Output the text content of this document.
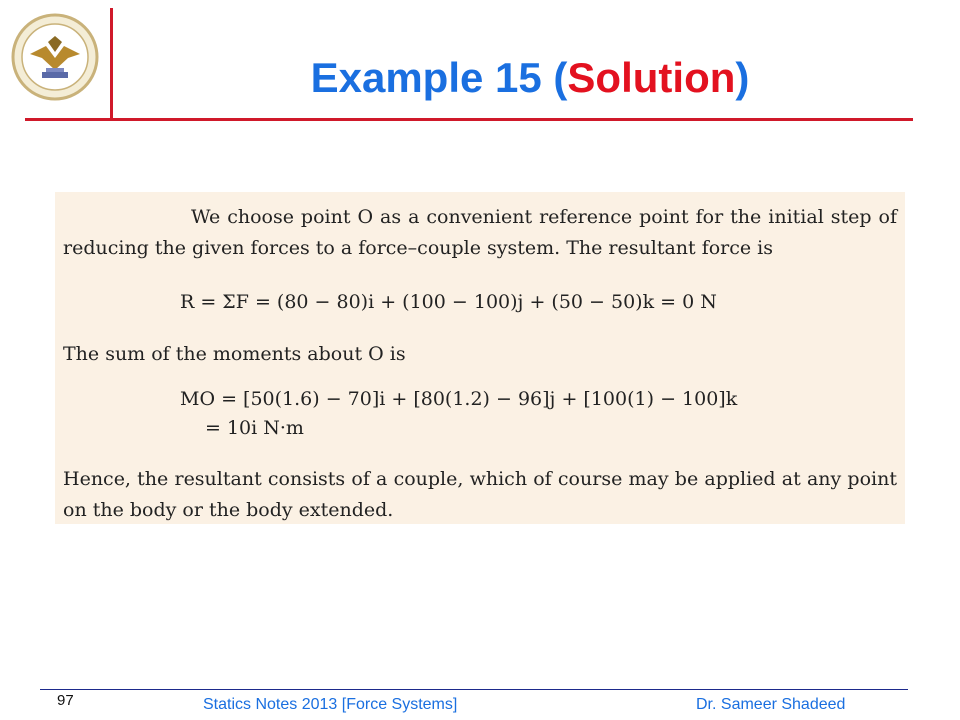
Example 15 (Solution)
We choose point O as a convenient reference point for the initial step of reducing the given forces to a force–couple system. The resultant force is
R = ΣF = (80 − 80)i + (100 − 100)j + (50 − 50)k = 0 N
The sum of the moments about O is
MO = [50(1.6) − 70]i + [80(1.2) − 96]j + [100(1) − 100]k
= 10i N·m
Hence, the resultant consists of a couple, which of course may be applied at any point on the body or the body extended.
97	Statics Notes 2013 [Force Systems]	Dr. Sameer Shadeed
